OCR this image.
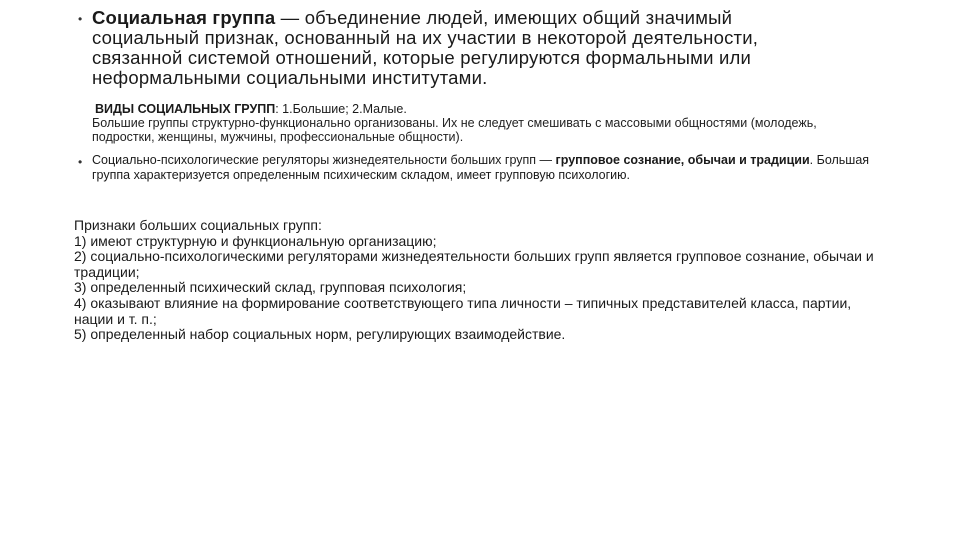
• Социальная группа — объединение людей, имеющих общий значимый социальный признак, основанный на их участии в некоторой деятельности, связанной системой отношений, которые регулируются формальными или неформальными социальными институтами.
ВИДЫ СОЦИАЛЬНЫХ ГРУПП: 1.Большие; 2.Малые.
Большие группы структурно-функционально организованы. Их не следует смешивать с массовыми общностями (молодежь, подростки, женщины, мужчины, профессиональные общности).
• Социально-психологические регуляторы жизнедеятельности больших групп — групповое сознание, обычаи и традиции. Большая группа характеризуется определенным психическим складом, имеет групповую психологию.
Признаки больших социальных групп:
1) имеют структурную и функциональную организацию;
2) социально-психологическими регуляторами жизнедеятельности больших групп является групповое сознание, обычаи и традиции;
3) определенный психический склад, групповая психология;
4) оказывают влияние на формирование соответствующего типа личности – типичных представителей класса, партии, нации и т. п.;
5) определенный набор социальных норм, регулирующих взаимодействие.
